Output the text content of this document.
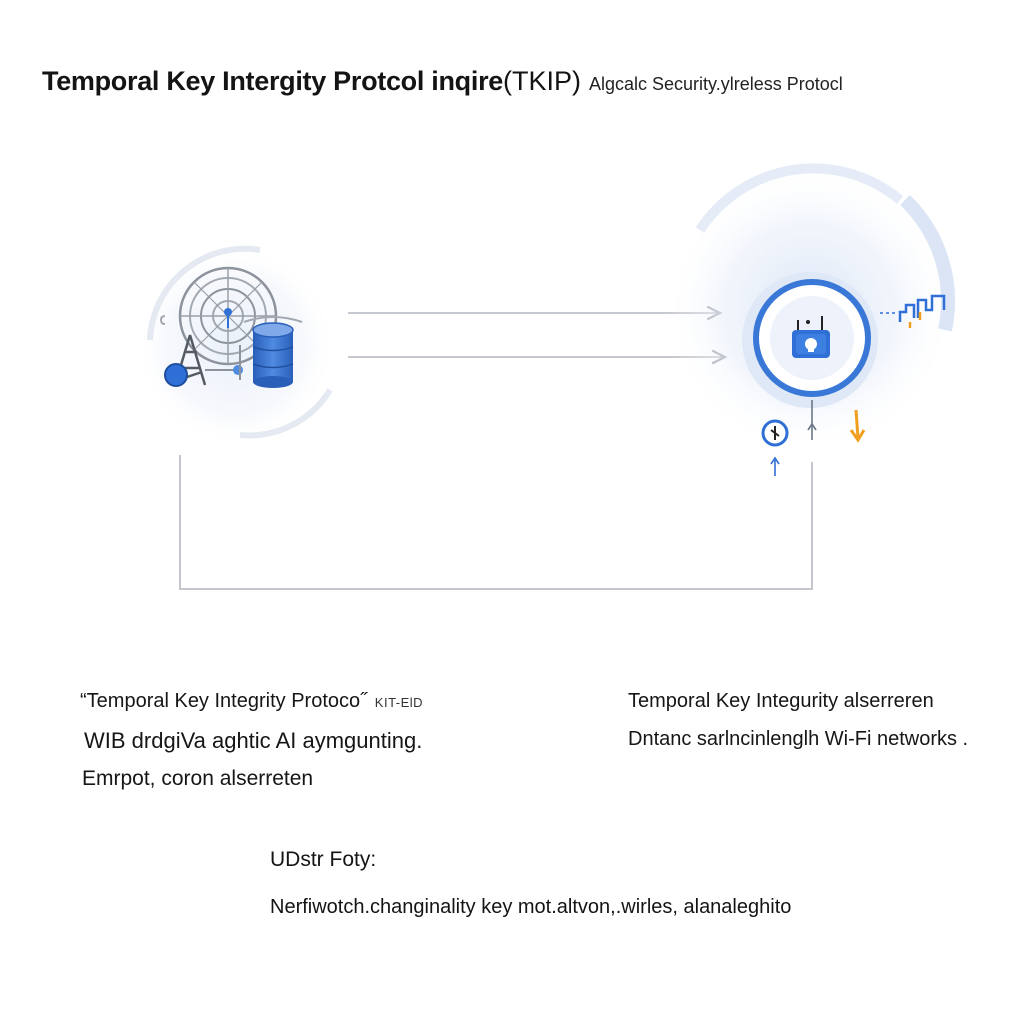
Temporal Key Intergity Protcol inqire(TKIP) Algcalc Security.ylreless Protocl
“Temporal Key Integrity Protoco˝ KIT-ElD
WIB drdgiVa aghtic AI aymgunting.
Emrpot, coron alserreten
Temporal Key Integurity alserreren
Dntanc sarlncinlenglh Wi-Fi networks .
UDstr Foty:
Nerfiwotch.changinality key mot.altvon,.wirles, alanaleghito
